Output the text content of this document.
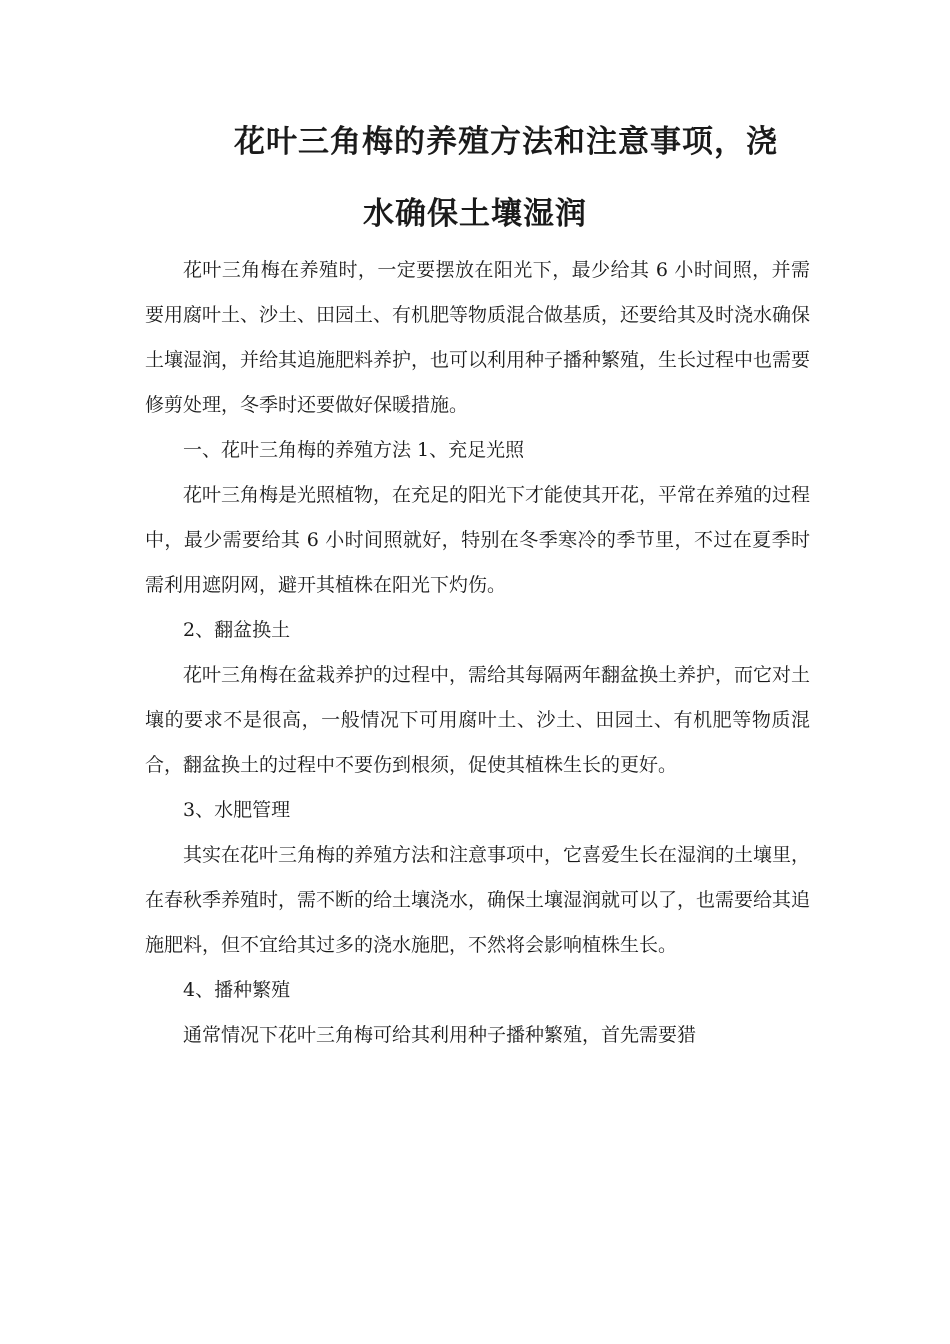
花叶三角梅的养殖方法和注意事项，浇
水确保土壤湿润

花叶三角梅在养殖时，一定要摆放在阳光下，最少给其 6 小时间照，并需要用腐叶土、沙土、田园土、有机肥等物质混合做基质，还要给其及时浇水确保土壤湿润，并给其追施肥料养护，也可以利用种子播种繁殖，生长过程中也需要修剪处理，冬季时还要做好保暖措施。

一、花叶三角梅的养殖方法 1、充足光照

花叶三角梅是光照植物，在充足的阳光下才能使其开花，平常在养殖的过程中，最少需要给其 6 小时间照就好，特别在冬季寒冷的季节里，不过在夏季时需利用遮阴网，避开其植株在阳光下灼伤。

2、翻盆换土

花叶三角梅在盆栽养护的过程中，需给其每隔两年翻盆换土养护，而它对土壤的要求不是很高，一般情况下可用腐叶土、沙土、田园土、有机肥等物质混合，翻盆换土的过程中不要伤到根须，促使其植株生长的更好。

3、水肥管理

其实在花叶三角梅的养殖方法和注意事项中，它喜爱生长在湿润的土壤里，在春秋季养殖时，需不断的给土壤浇水，确保土壤湿润就可以了，也需要给其追施肥料，但不宜给其过多的浇水施肥，不然将会影响植株生长。

4、播种繁殖

通常情况下花叶三角梅可给其利用种子播种繁殖，首先需要猎
